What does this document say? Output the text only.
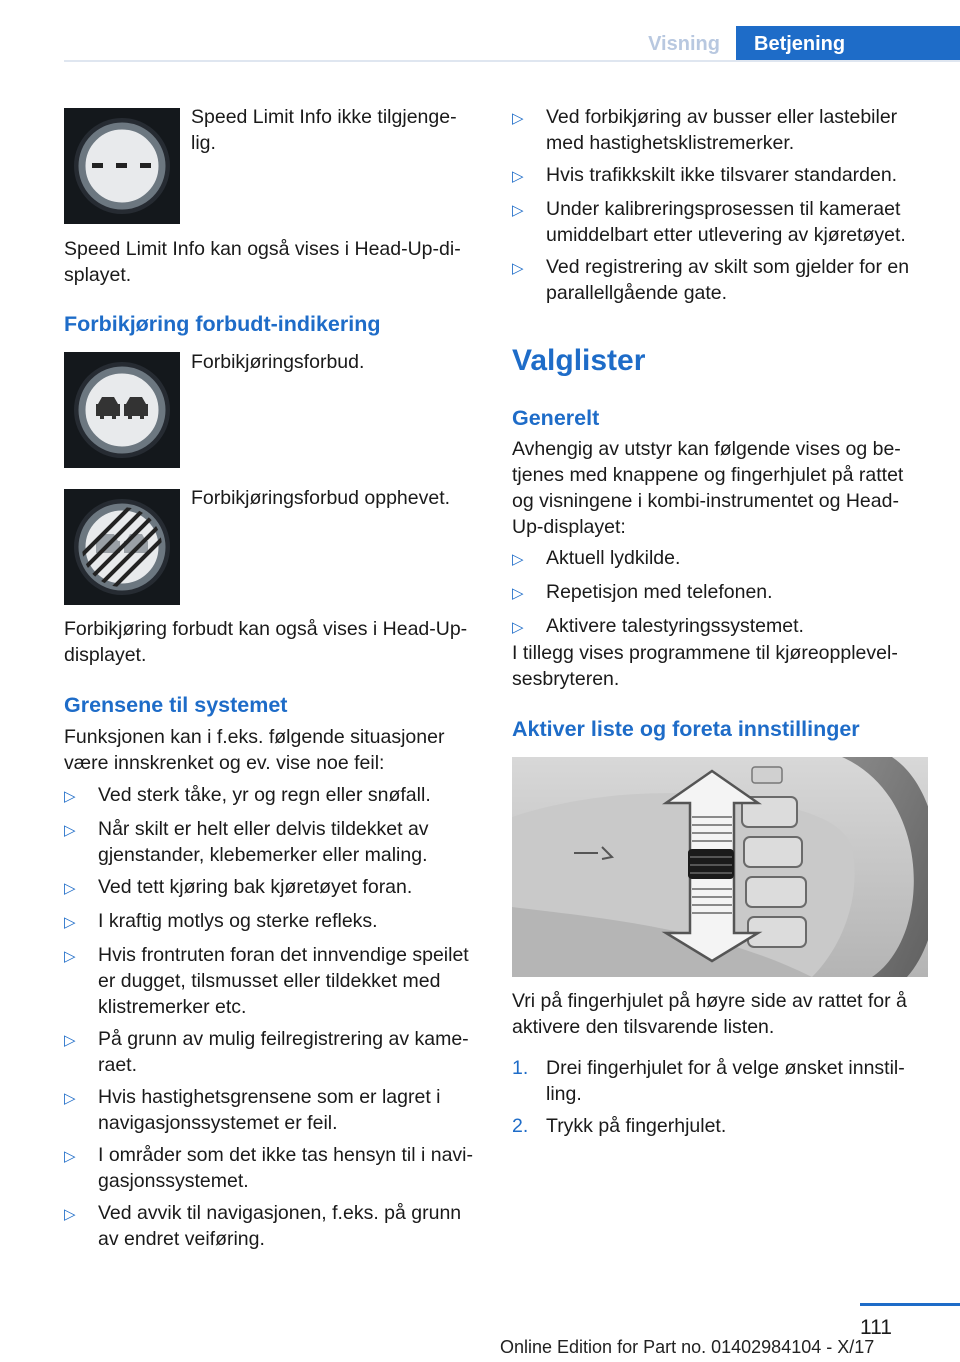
Visning	Betjening
Speed Limit Info ikke tilgjenge-
lig.
Speed Limit Info kan også vises i Head-Up-di-
splayet.
Forbikjøring forbudt-indikering
Forbikjøringsforbud.
Forbikjøringsforbud opphevet.
Forbikjøring forbudt kan også vises i Head-Up-
displayet.
Grensene til systemet
Funksjonen kan i f.eks. følgende situasjoner
være innskrenket og ev. vise noe feil:
▷	Ved sterk tåke, yr og regn eller snøfall.
▷	Når skilt er helt eller delvis tildekket av
gjenstander, klebemerker eller maling.
▷	Ved tett kjøring bak kjøretøyet foran.
▷	I kraftig motlys og sterke refleks.
▷	Hvis frontruten foran det innvendige speilet
er dugget, tilsmusset eller tildekket med
klistremerker etc.
▷	På grunn av mulig feilregistrering av kame-
raet.
▷	Hvis hastighetsgrensene som er lagret i
navigasjonssystemet er feil.
▷	I områder som det ikke tas hensyn til i navi-
gasjonssystemet.
▷	Ved avvik til navigasjonen, f.eks. på grunn
av endret veiføring.
▷	Ved forbikjøring av busser eller lastebiler
med hastighetsklistremerker.
▷	Hvis trafikkskilt ikke tilsvarer standarden.
▷	Under kalibreringsprosessen til kameraet
umiddelbart etter utlevering av kjøretøyet.
▷	Ved registrering av skilt som gjelder for en
parallellgående gate.
Valglister
Generelt
Avhengig av utstyr kan følgende vises og be-
tjenes med knappene og fingerhjulet på rattet
og visningene i kombi-instrumentet og Head-
Up-displayet:
▷	Aktuell lydkilde.
▷	Repetisjon med telefonen.
▷	Aktivere talestyringssystemet.
I tillegg vises programmene til kjøreopplevel-
sesbryteren.
Aktiver liste og foreta innstillinger
Vri på fingerhjulet på høyre side av rattet for å
aktivere den tilsvarende listen.
1. Drei fingerhjulet for å velge ønsket innstil-
ling.
2. Trykk på fingerhjulet.
111
Online Edition for Part no. 01402984104 - X/17
